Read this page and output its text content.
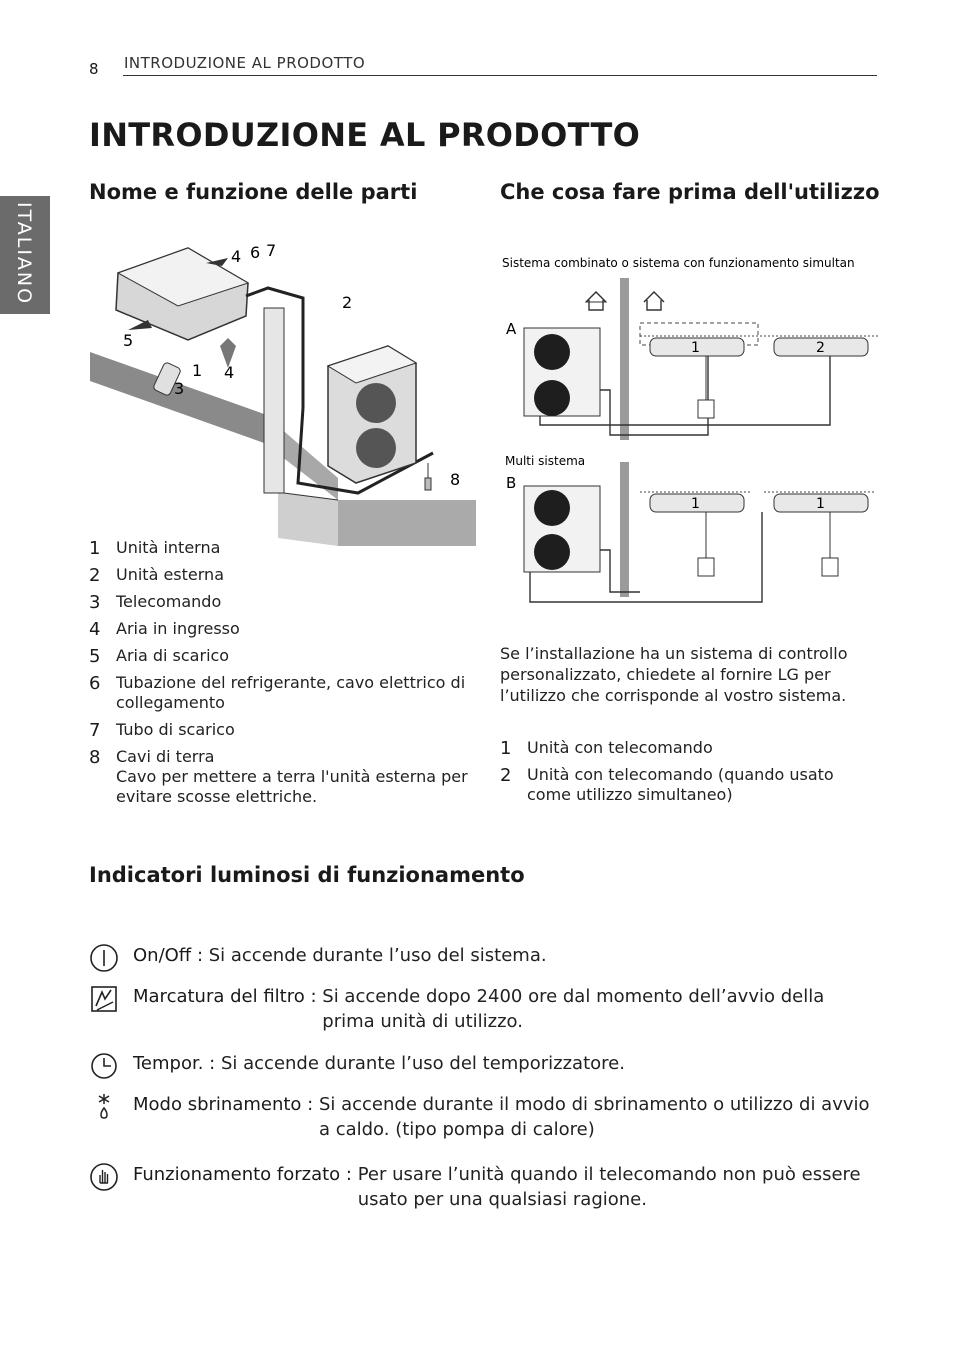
8 INTRODUZIONE AL PRODOTTO
ITALIANO
INTRODUZIONE AL PRODOTTO
Nome e funzione delle parti
4 6 7
2
5
1 4
3
8
1 Unità interna
2 Unità esterna
3 Telecomando
4 Aria in ingresso
5 Aria di scarico
6 Tubazione del refrigerante, cavo elettrico di collegamento
7 Tubo di scarico
8 Cavi di terra
Cavo per mettere a terra l'unità esterna per evitare scosse elettriche.
Che cosa fare prima dell'utilizzo
Sistema combinato o sistema con funzionamento simultan
A
1	2
Multi sistema
B
1	1
Se l’installazione ha un sistema di controllo personalizzato, chiedete al fornire LG per l’utilizzo che corrisponde al vostro sistema.
1 Unità con telecomando
2 Unità con telecomando (quando usato come utilizzo simultaneo)
Indicatori luminosi di funzionamento
On/Off : Si accende durante l’uso del sistema.
Marcatura del filtro : Si accende dopo 2400 ore dal momento dell’avvio della prima unità di utilizzo.
Tempor. : Si accende durante l’uso del temporizzatore.
Modo sbrinamento : Si accende durante il modo di sbrinamento o utilizzo di avvio a caldo. (tipo pompa di calore)
Funzionamento forzato : Per usare l’unità quando il telecomando non può essere usato per una qualsiasi ragione.
